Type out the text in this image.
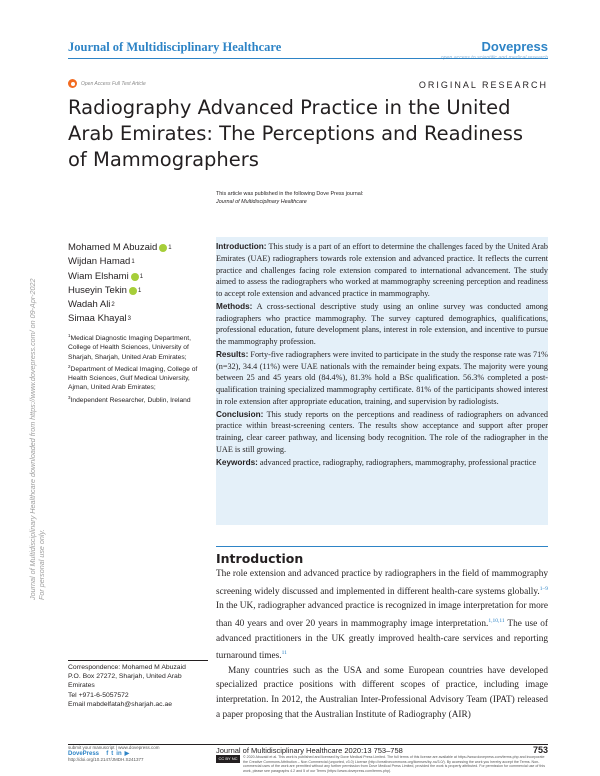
Journal of Multidisciplinary Healthcare	Dovepress
open access to scientific and medical research
Open Access Full Text Article	ORIGINAL RESEARCH
Radiography Advanced Practice in the United Arab Emirates: The Perceptions and Readiness of Mammographers
This article was published in the following Dove Press journal:
Journal of Multidisciplinary Healthcare
Mohamed M Abuzaid 1
Wijdan Hamad 1
Wiam Elshami 1
Huseyin Tekin 1
Wadah Ali 2
Simaa Khayal 3

$^1$Medical Diagnostic Imaging Department, College of Health Sciences, University of Sharjah, Sharjah, United Arab Emirates;

$^2$Department of Medical Imaging, College of Health Sciences, Gulf Medical University, Ajman, United Arab Emirates;

$^3$Independent Researcher, Dublin, Ireland

Introduction: This study is a part of an effort to determine the challenges faced by the United Arab Emirates (UAE) radiographers towards role extension and advanced practice. It reflects the current practice and challenges facing role extension compared to international advancement. The study aimed to assess the radiographers who worked at mammography screening perception and readiness to accept role extension and advanced practice in mammography.

Methods: A cross-sectional descriptive study using an online survey was conducted among radiographers who practice mammography. The survey captured demographics, qualifications, professional education, future development plans, interest in role extension, and incentive to pursue the mammography profession.

Results: Forty-five radiographers were invited to participate in the study the response rate was 71% (n=32), 34.4 (11%) were UAE nationals with the remainder being expats. The majority were young between 25 and 45 years old (84.4%), 81.3% hold a BSc qualification. 56.3% completed a post-qualification training specialized mammography certificate. 81% of the participants showed interest in role extension after appropriate education, training, and supervision by radiologists.

Conclusion: This study reports on the perceptions and readiness of radiographers on advanced practice within breast-screening centers. The results show acceptance and support after proper training, clear career pathway, and licensing body recognition. The role of the radiographer in the UAE is still growing.

Keywords: advanced practice, radiography, radiographers, mammography, professional practice

Introduction

The role extension and advanced practice by radiographers in the field of mammography screening widely discussed and implemented in different health-care systems globally.$^{1-9}$ In the UK, radiographer advanced practice is recognized in image interpretation for more than 40 years and over 20 years in mammography image interpretation.$^{1,10,11}$ The use of advanced practitioners in the UK greatly improved health-care services and reporting turnaround times.$^{11}$

Many countries such as the USA and some European countries have developed specialized practice positions with different scopes of practice, including image interpretation. In 2012, the Australian Inter-Professional Advisory Team (IPAT) released a paper proposing that the Australian Institute of Radiography (AIR)

Correspondence: Mohamed M Abuzaid
P.O. Box 27272, Sharjah, United Arab Emirates
Tel +971-6-5057572
Email mabdelfatah@sharjah.ac.ae
Journal of Multidisciplinary Healthcare downloaded from https://www.dovepress.com/ on 09-Apr-2022 For personal use only.
submit your manuscript | www.dovepress.com
DovePress f t in ▶
http://doi.org/10.2147/JMDH.S241377
Journal of Multidisciplinary Healthcare 2020:13 753–758	753
CC BY NC	© 2020 Abuzaid et al. This work is published and licensed by Dove Medical Press Limited. The full terms of this license are available at https://www.dovepress.com/terms.php and incorporate the Creative Commons Attribution – Non Commercial (unported, v3.0) License (http://creativecommons.org/licenses/by-nc/3.0/). By accessing the work you hereby accept the Terms. Non-commercial uses of the work are permitted without any further permission from Dove Medical Press Limited, provided the work is properly attributed. For permission for commercial use of this work, please see paragraphs 4.2 and 5 of our Terms (https://www.dovepress.com/terms.php).
